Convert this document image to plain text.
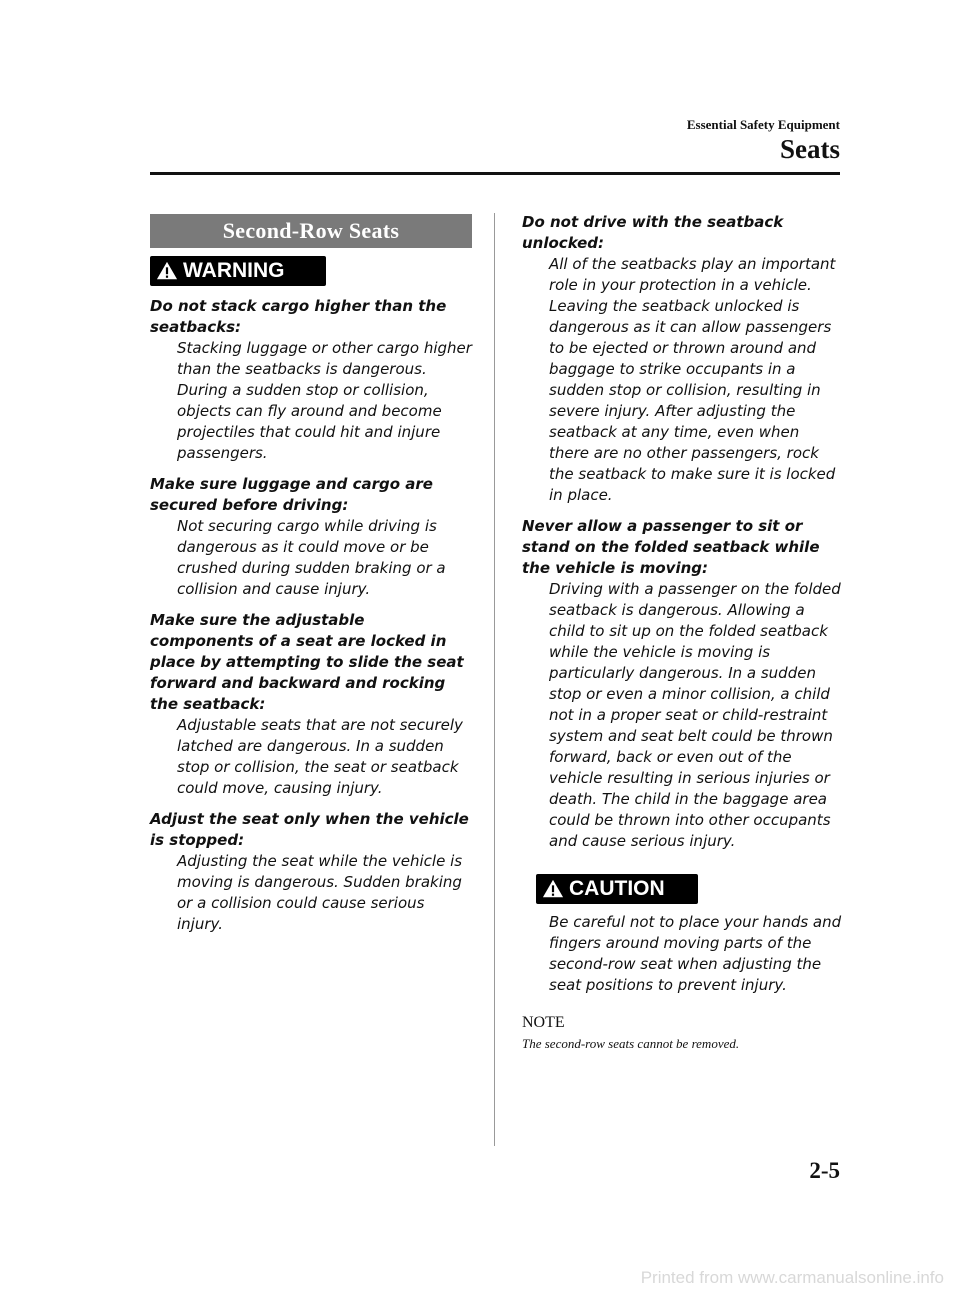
Essential Safety Equipment
Seats
Second-Row Seats
WARNING
Do not stack cargo higher than the seatbacks:
Stacking luggage or other cargo higher than the seatbacks is dangerous. During a sudden stop or collision, objects can fly around and become projectiles that could hit and injure passengers.
Make sure luggage and cargo are secured before driving:
Not securing cargo while driving is dangerous as it could move or be crushed during sudden braking or a collision and cause injury.
Make sure the adjustable components of a seat are locked in place by attempting to slide the seat forward and backward and rocking the seatback:
Adjustable seats that are not securely latched are dangerous. In a sudden stop or collision, the seat or seatback could move, causing injury.
Adjust the seat only when the vehicle is stopped:
Adjusting the seat while the vehicle is moving is dangerous. Sudden braking or a collision could cause serious injury.
Do not drive with the seatback unlocked:
All of the seatbacks play an important role in your protection in a vehicle. Leaving the seatback unlocked is dangerous as it can allow passengers to be ejected or thrown around and baggage to strike occupants in a sudden stop or collision, resulting in severe injury. After adjusting the seatback at any time, even when there are no other passengers, rock the seatback to make sure it is locked in place.
Never allow a passenger to sit or stand on the folded seatback while the vehicle is moving:
Driving with a passenger on the folded seatback is dangerous. Allowing a child to sit up on the folded seatback while the vehicle is moving is particularly dangerous. In a sudden stop or even a minor collision, a child not in a proper seat or child-restraint system and seat belt could be thrown forward, back or even out of the vehicle resulting in serious injuries or death. The child in the baggage area could be thrown into other occupants and cause serious injury.
CAUTION
Be careful not to place your hands and fingers around moving parts of the second-row seat when adjusting the seat positions to prevent injury.
NOTE
The second-row seats cannot be removed.
2-5
Printed from www.carmanualsonline.info
